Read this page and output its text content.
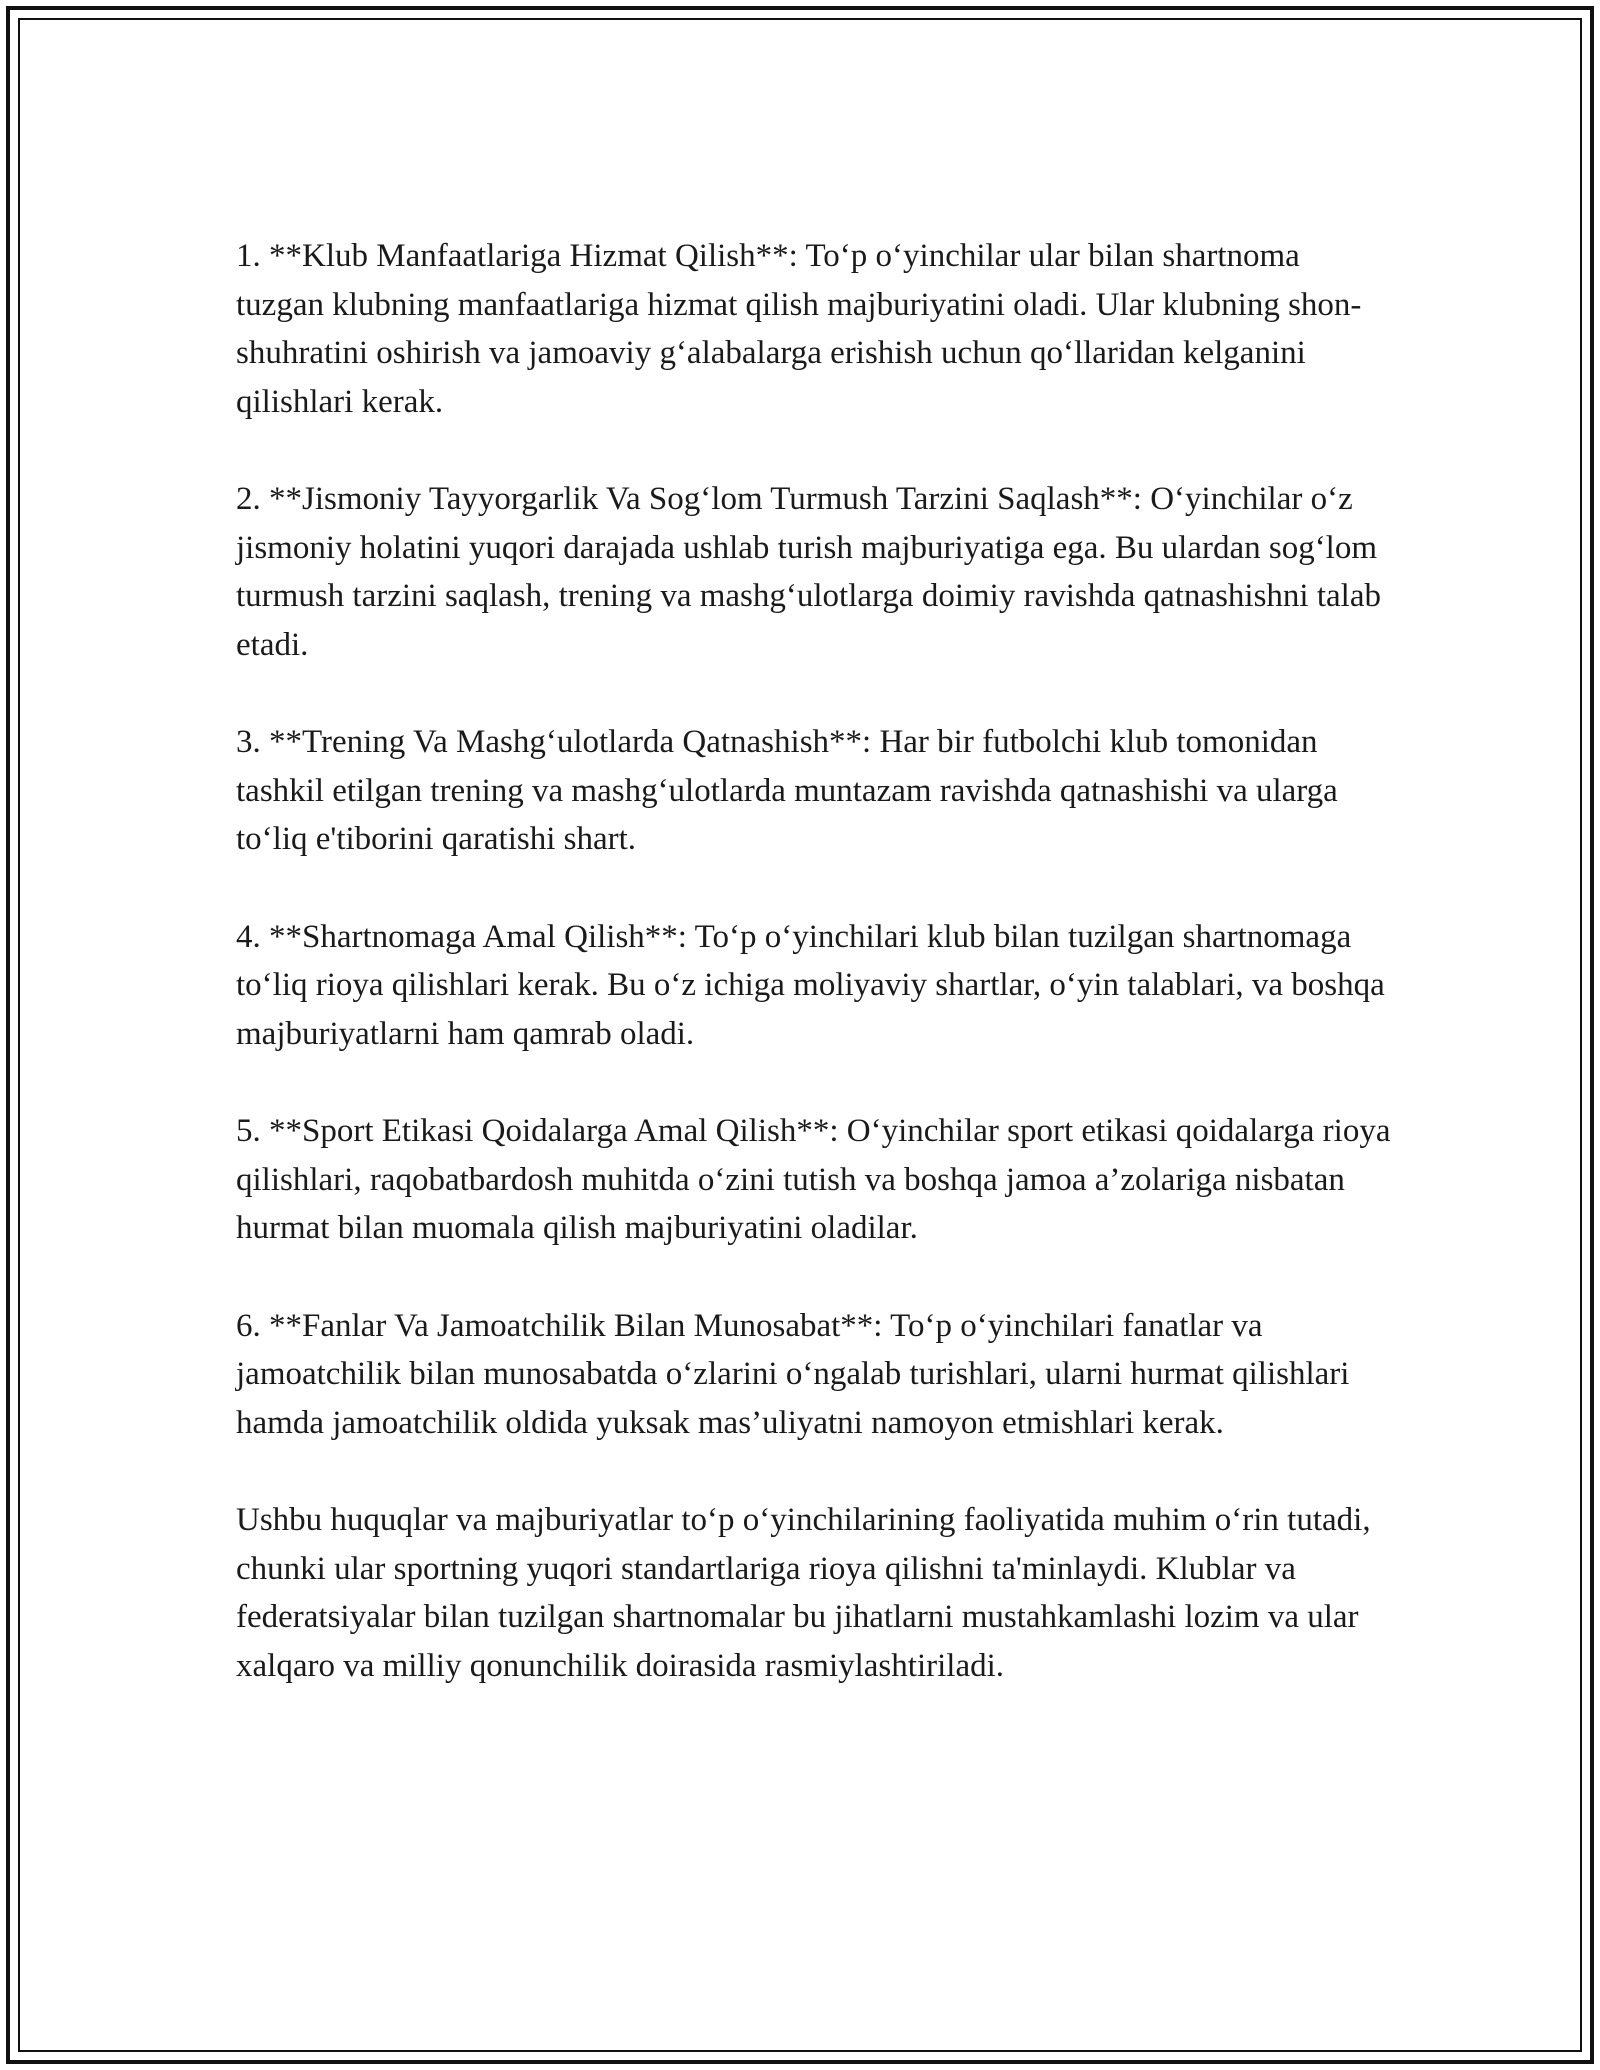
1. **Klub Manfaatlariga Hizmat Qilish**: To‘p o‘yinchilar ular bilan shartnoma tuzgan klubning manfaatlariga hizmat qilish majburiyatini oladi. Ular klubning shon-shuhratini oshirish va jamoaviy g‘alabalarga erishish uchun qo‘llaridan kelganini qilishlari kerak.

2. **Jismoniy Tayyorgarlik Va Sog‘lom Turmush Tarzini Saqlash**: O‘yinchilar o‘z jismoniy holatini yuqori darajada ushlab turish majburiyatiga ega. Bu ulardan sog‘lom turmush tarzini saqlash, trening va mashg‘ulotlarga doimiy ravishda qatnashishni talab etadi.

3. **Trening Va Mashg‘ulotlarda Qatnashish**: Har bir futbolchi klub tomonidan tashkil etilgan trening va mashg‘ulotlarda muntazam ravishda qatnashishi va ularga to‘liq e'tiborini qaratishi shart.

4. **Shartnomaga Amal Qilish**: To‘p o‘yinchilari klub bilan tuzilgan shartnomaga to‘liq rioya qilishlari kerak. Bu o‘z ichiga moliyaviy shartlar, o‘yin talablari, va boshqa majburiyatlarni ham qamrab oladi.

5. **Sport Etikasi Qoidalarga Amal Qilish**: O‘yinchilar sport etikasi qoidalarga rioya qilishlari, raqobatbardosh muhitda o‘zini tutish va boshqa jamoa a’zolariga nisbatan hurmat bilan muomala qilish majburiyatini oladilar.

6. **Fanlar Va Jamoatchilik Bilan Munosabat**: To‘p o‘yinchilari fanatlar va jamoatchilik bilan munosabatda o‘zlarini o‘ngalab turishlari, ularni hurmat qilishlari hamda jamoatchilik oldida yuksak mas’uliyatni namoyon etmishlari kerak.

Ushbu huquqlar va majburiyatlar to‘p o‘yinchilarining faoliyatida muhim o‘rin tutadi, chunki ular sportning yuqori standartlariga rioya qilishni ta'minlaydi. Klublar va federatsiyalar bilan tuzilgan shartnomalar bu jihatlarni mustahkamlashi lozim va ular xalqaro va milliy qonunchilik doirasida rasmiylashtiriladi.
